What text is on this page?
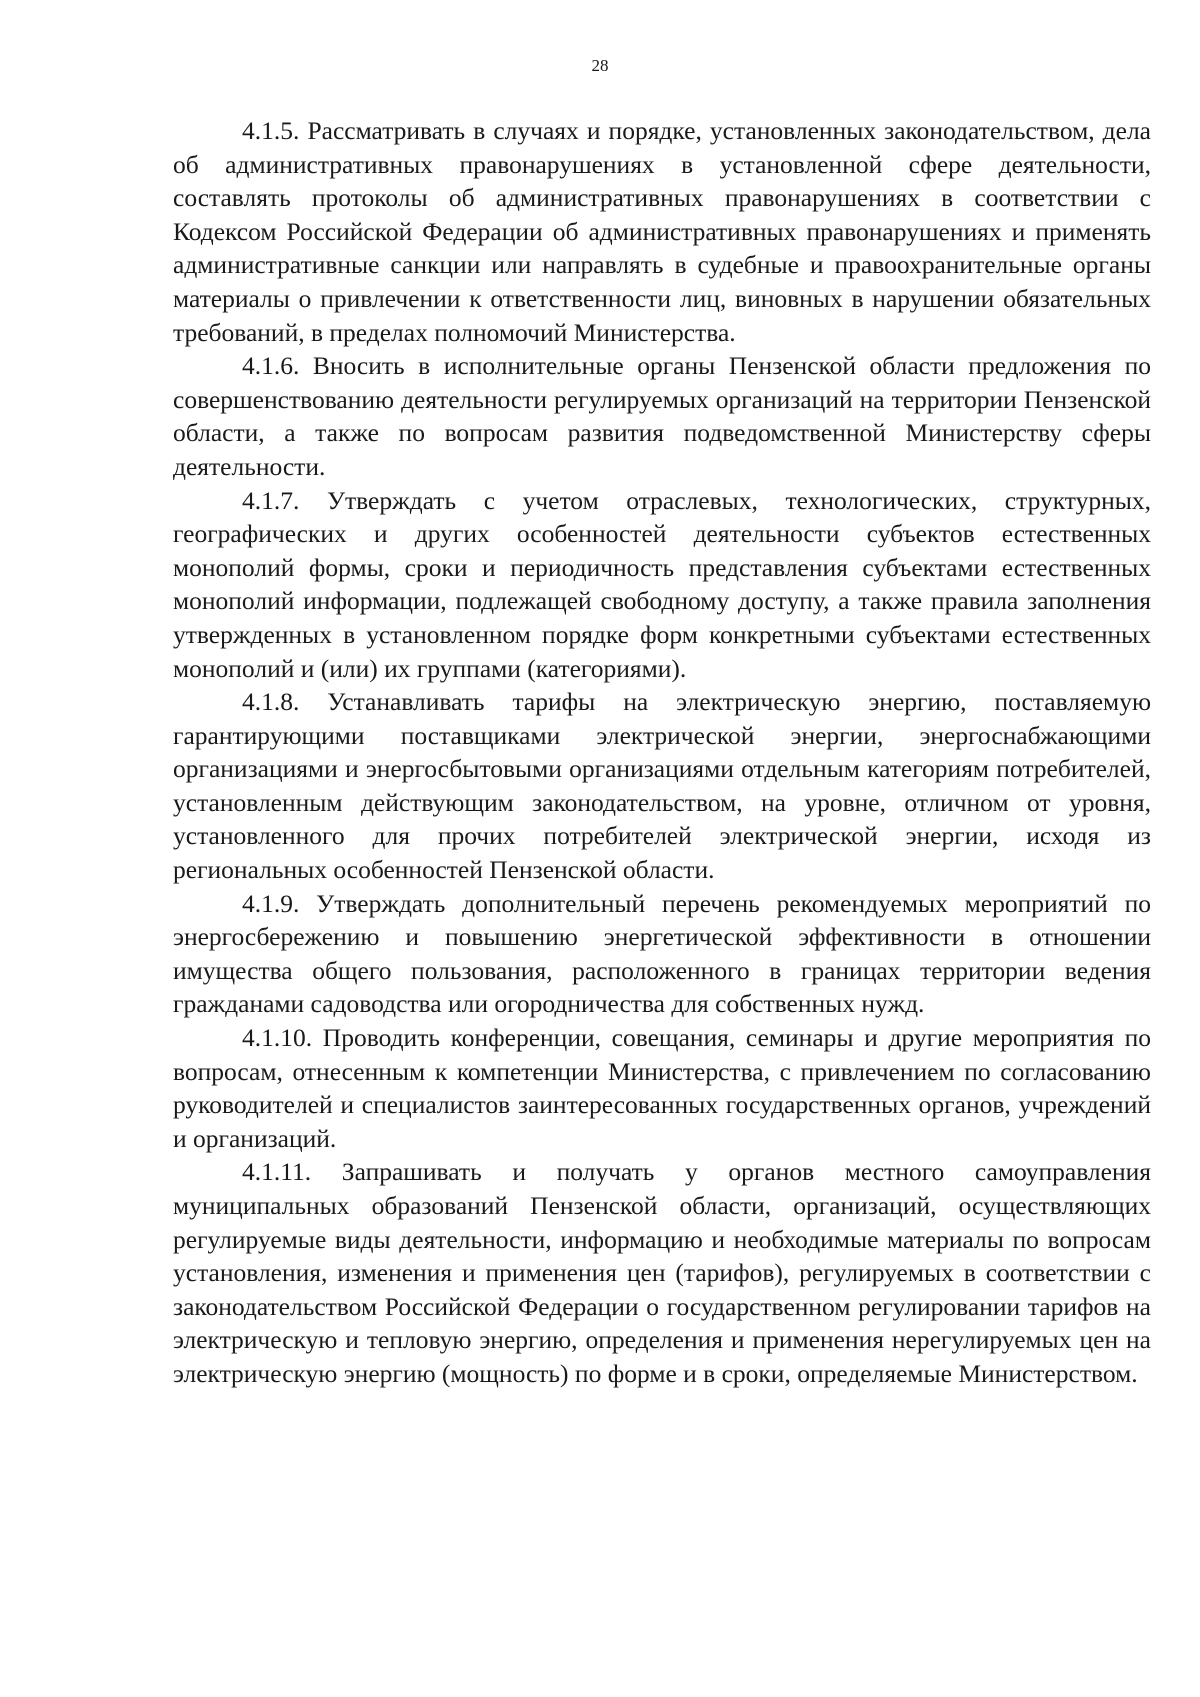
28

4.1.5. Рассматривать в случаях и порядке, установленных законодательством, дела об административных правонарушениях в установленной сфере деятельности, составлять протоколы об административных правонарушениях в соответствии с Кодексом Российской Федерации об административных правонарушениях и применять административные санкции или направлять в судебные и правоохранительные органы материалы о привлечении к ответственности лиц, виновных в нарушении обязательных требований, в пределах полномочий Министерства.

4.1.6. Вносить в исполнительные органы Пензенской области предложения по совершенствованию деятельности регулируемых организаций на территории Пензенской области, а также по вопросам развития подведомственной Министерству сферы деятельности.

4.1.7. Утверждать с учетом отраслевых, технологических, структурных, географических и других особенностей деятельности субъектов естественных монополий формы, сроки и периодичность представления субъектами естественных монополий информации, подлежащей свободному доступу, а также правила заполнения утвержденных в установленном порядке форм конкретными субъектами естественных монополий и (или) их группами (категориями).

4.1.8. Устанавливать тарифы на электрическую энергию, поставляемую гарантирующими поставщиками электрической энергии, энергоснабжающими организациями и энергосбытовыми организациями отдельным категориям потребителей, установленным действующим законодательством, на уровне, отличном от уровня, установленного для прочих потребителей электрической энергии, исходя из региональных особенностей Пензенской области.

4.1.9. Утверждать дополнительный перечень рекомендуемых мероприятий по энергосбережению и повышению энергетической эффективности в отношении имущества общего пользования, расположенного в границах территории ведения гражданами садоводства или огородничества для собственных нужд.

4.1.10. Проводить конференции, совещания, семинары и другие мероприятия по вопросам, отнесенным к компетенции Министерства, с привлечением по согласованию руководителей и специалистов заинтересованных государственных органов, учреждений и организаций.

4.1.11. Запрашивать и получать у органов местного самоуправления муниципальных образований Пензенской области, организаций, осуществляющих регулируемые виды деятельности, информацию и необходимые материалы по вопросам установления, изменения и применения цен (тарифов), регулируемых в соответствии с законодательством Российской Федерации о государственном регулировании тарифов на электрическую и тепловую энергию, определения и применения нерегулируемых цен на электрическую энергию (мощность) по форме и в сроки, определяемые Министерством.
